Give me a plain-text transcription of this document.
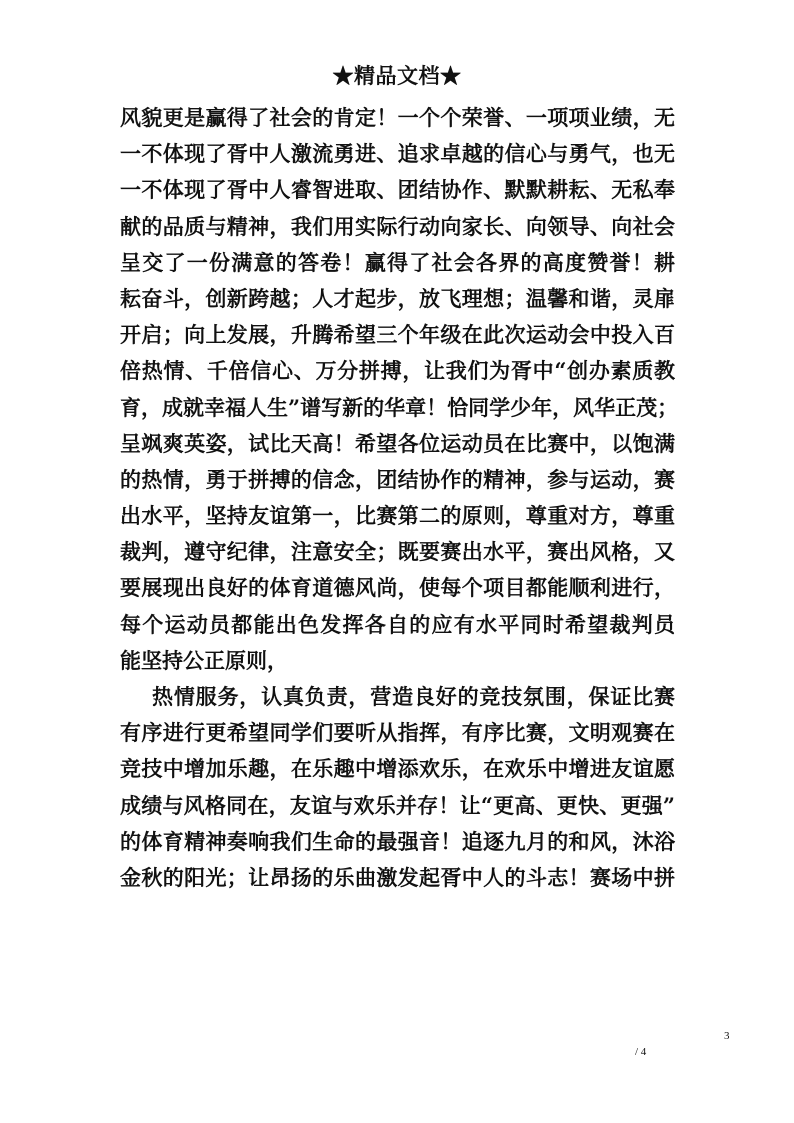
★精品文档★
风貌更是赢得了社会的肯定！一个个荣誉、一项项业绩，无
一不体现了胥中人激流勇进、追求卓越的信心与勇气，也无
一不体现了胥中人睿智进取、团结协作、默默耕耘、无私奉
献的品质与精神，我们用实际行动向家长、向领导、向社会
呈交了一份满意的答卷！赢得了社会各界的高度赞誉！耕
耘奋斗，创新跨越；人才起步，放飞理想；温馨和谐，灵扉
开启；向上发展，升腾希望三个年级在此次运动会中投入百
倍热情、千倍信心、万分拼搏，让我们为胥中“创办素质教
育，成就幸福人生”谱写新的华章！恰同学少年，风华正茂；
呈飒爽英姿，试比天高！希望各位运动员在比赛中，以饱满
的热情，勇于拼搏的信念，团结协作的精神，参与运动，赛
出水平，坚持友谊第一，比赛第二的原则，尊重对方，尊重
裁判，遵守纪律，注意安全；既要赛出水平，赛出风格，又
要展现出良好的体育道德风尚，使每个项目都能顺利进行，
每个运动员都能出色发挥各自的应有水平同时希望裁判员
能坚持公正原则，
热情服务，认真负责，营造良好的竞技氛围，保证比赛
有序进行更希望同学们要听从指挥，有序比赛，文明观赛在
竞技中增加乐趣，在乐趣中增添欢乐，在欢乐中增进友谊愿
成绩与风格同在，友谊与欢乐并存！让“更高、更快、更强”
的体育精神奏响我们生命的最强音！追逐九月的和风，沐浴
金秋的阳光；让昂扬的乐曲激发起胥中人的斗志！赛场中拼
3
/ 4
